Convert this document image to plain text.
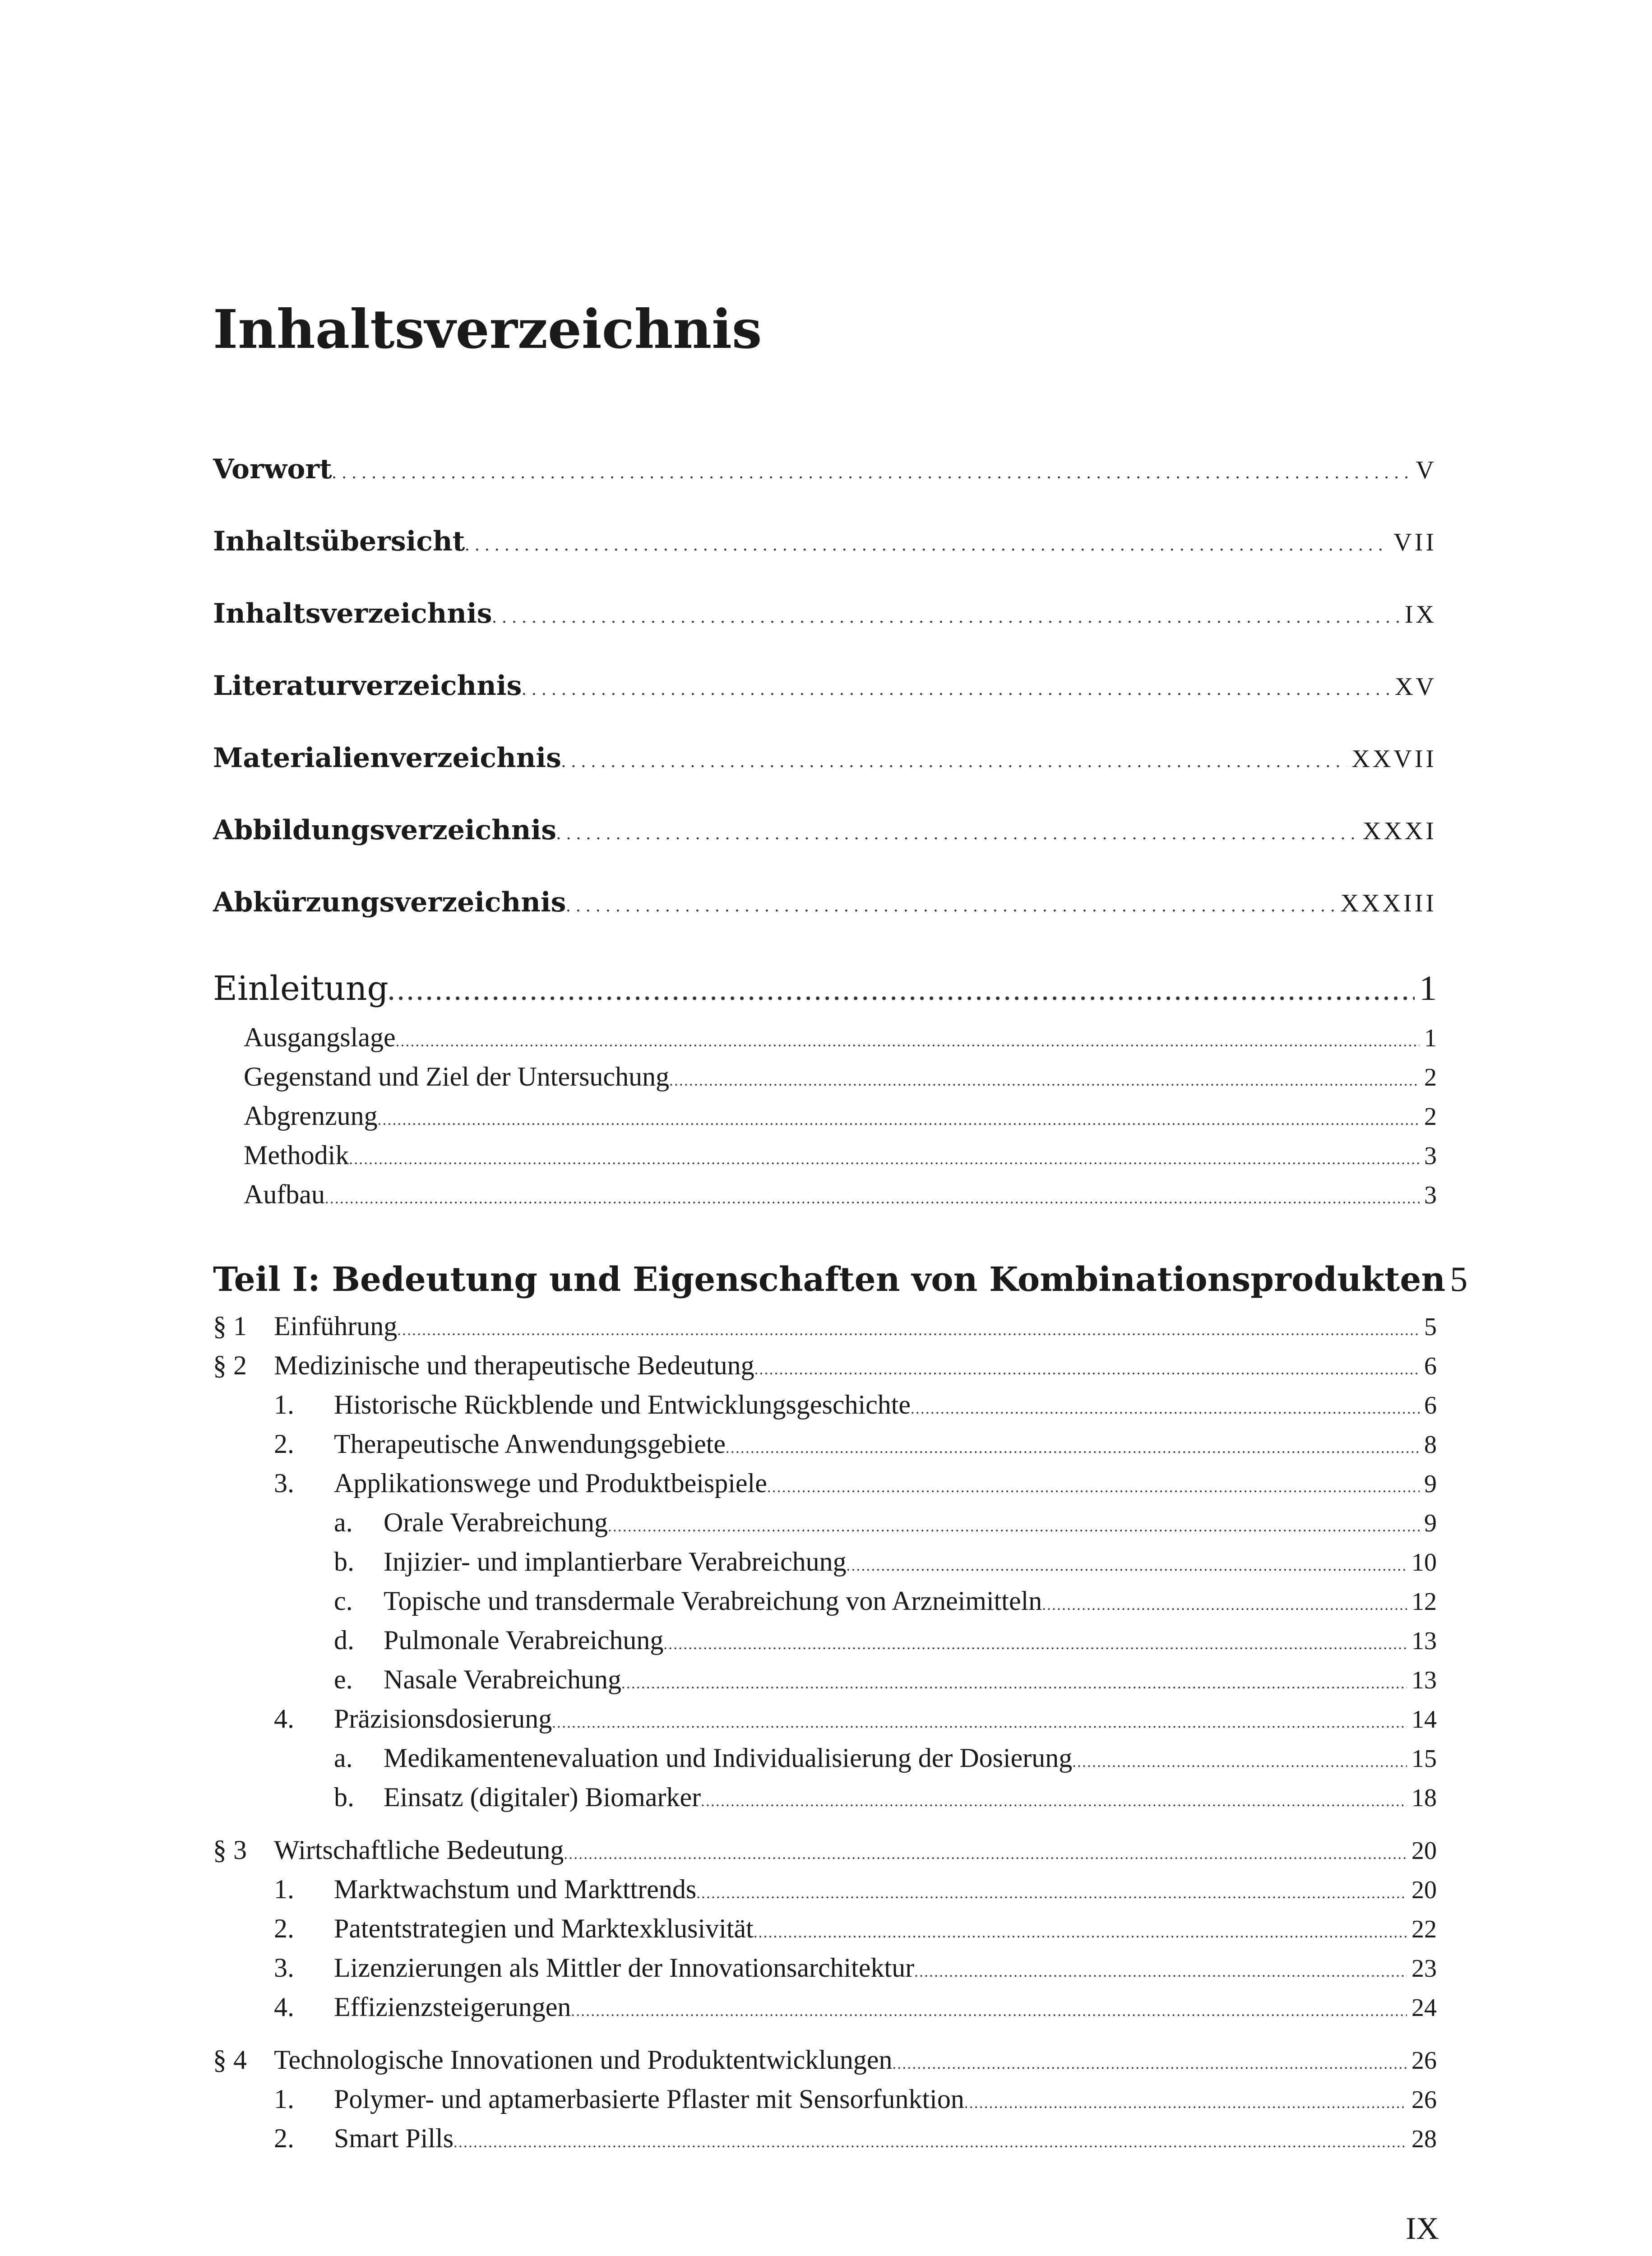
Inhaltsverzeichnis
Vorwort . . .	V
Inhaltsübersicht . . .	VII
Inhaltsverzeichnis . . .	IX
Literaturverzeichnis . . .	XV
Materialienverzeichnis . . .	XXVII
Abbildungsverzeichnis . . .	XXXI
Abkürzungsverzeichnis . . .	XXXIII
Einleitung . . .	1
Ausgangslage . . .	1
Gegenstand und Ziel der Untersuchung . . .	2
Abgrenzung . . .	2
Methodik . . .	3
Aufbau . . .	3
Teil I: Bedeutung und Eigenschaften von Kombinationsprodukten 5
§ 1	Einführung . . .	5
§ 2	Medizinische und therapeutische Bedeutung . . .	6
1.	Historische Rückblende und Entwicklungsgeschichte . . .	6
2.	Therapeutische Anwendungsgebiete . . .	8
3.	Applikationswege und Produktbeispiele . . .	9
a.	Orale Verabreichung . . .	9
b.	Injizier- und implantierbare Verabreichung . . .	10
c.	Topische und transdermale Verabreichung von Arzneimitteln . . .	12
d.	Pulmonale Verabreichung . . .	13
e.	Nasale Verabreichung . . .	13
4.	Präzisionsdosierung . . .	14
a.	Medikamentenevaluation und Individualisierung der Dosierung . . .	15
b.	Einsatz (digitaler) Biomarker . . .	18
§ 3	Wirtschaftliche Bedeutung . . .	20
1.	Marktwachstum und Markttrends . . .	20
2.	Patentstrategien und Marktexklusivität . . .	22
3.	Lizenzierungen als Mittler der Innovationsarchitektur . . .	23
4.	Effizienzsteigerungen . . .	24
§ 4	Technologische Innovationen und Produktentwicklungen . . .	26
1.	Polymer- und aptamerbasierte Pflaster mit Sensorfunktion . . .	26
2.	Smart Pills . . .	28
IX
